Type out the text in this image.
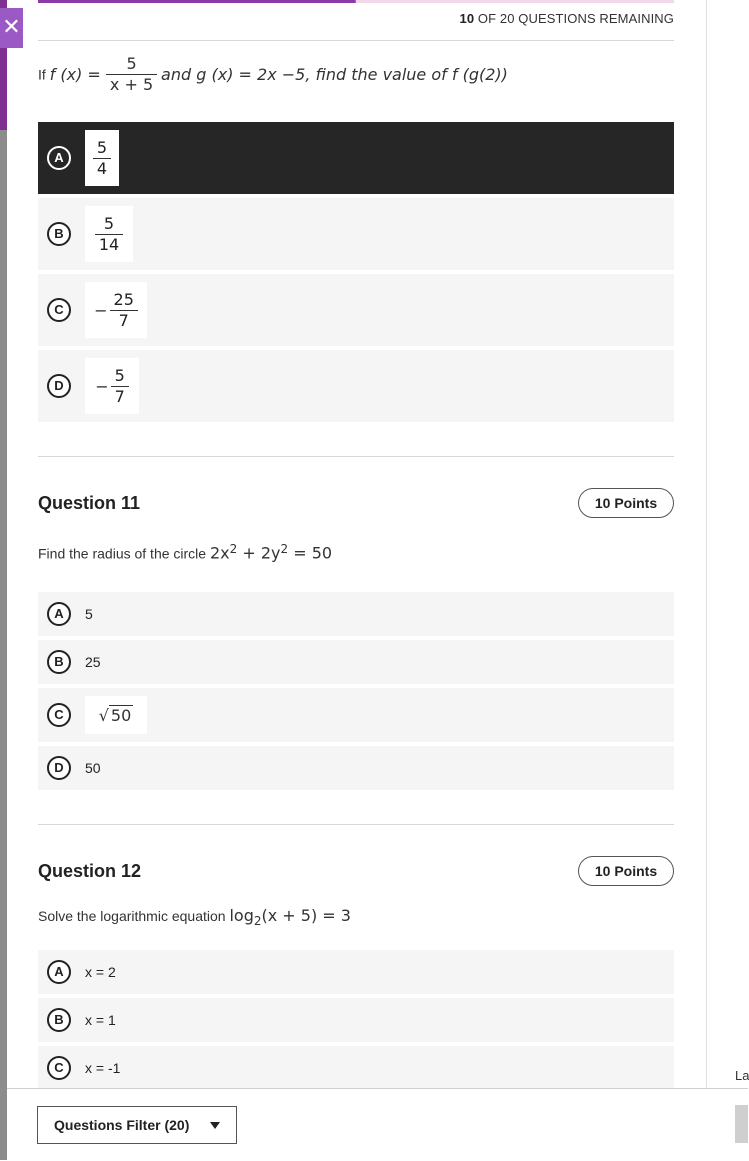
✕	10 OF 20 QUESTIONS REMAINING
If f $(x) = \frac{5}{x + 5}$ and g (x) = 2x −5, find the value of f (g(2))
A	$\frac{5}{4}$
B	$\frac{5}{14}$
C	− $\frac{25}{7}$
D	− $\frac{5}{7}$
Question 11	10 Points
Find the radius of the circle $2x^2 + 2y^2 = 50$
A	5
B	25
C	√ 50
D	50
Question 12	10 Points
Solve the logarithmic equation $\log_2(x + 5) = 3$
A	x = 2
B	x = 1
C	x = -1	La
Questions Filter (20)
